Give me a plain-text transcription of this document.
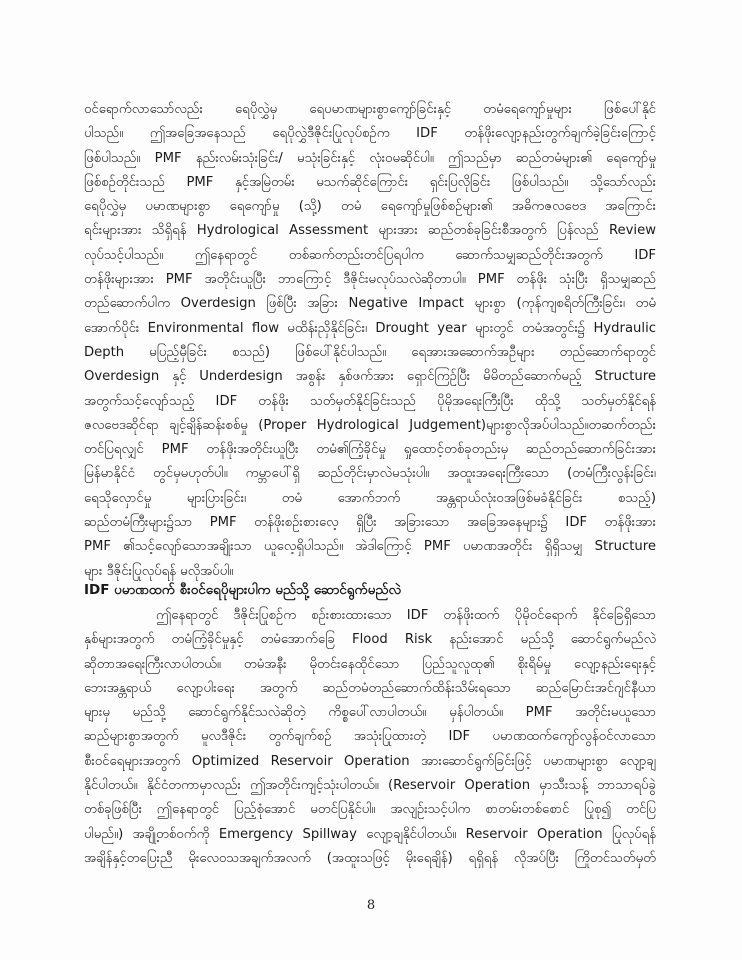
ဝင်ရောက်လာသော်လည်း ရေပိုလွှဲမှ ရေပမာဏများစွာကျော်ခြင်းနှင့် တမံရေကျော်မှုများ ဖြစ်ပေါ်နိုင်
ပါသည်။ ဤအခြေအနေသည် ရေပိုလွှဲဒီဇိုင်းပြုလုပ်စဉ်က IDF တန်ဖိုးလျော့နည်းတွက်ချက်ခဲ့ခြင်းကြောင့်
ဖြစ်ပါသည်။ PMF နည်းလမ်းသုံးခြင်း/ မသုံးခြင်းနှင့် လုံးဝမဆိုင်ပါ။ ဤသည်မှာ ဆည်တမံများ၏ ရေကျော်မှု
ဖြစ်စဉ်တိုင်းသည် PMF နှင့်အမြဲတမ်း မသက်ဆိုင်ကြောင်း ရှင်းပြလိုခြင်း ဖြစ်ပါသည်။ သို့သော်လည်း
ရေပိုလွှဲမှ ပမာဏများစွာ ရေကျော်မှု (သို့) တမံ ရေကျော်မှုဖြစ်စဉ်များ၏ အဓိကဇလဗေဒ အကြောင်း
ရင်းများအား သိရှိရန် Hydrological Assessment များအား ဆည်တစ်ခုခြင်းစီအတွက် ပြန်လည် Review
လုပ်သင့်ပါသည်။ ဤနေရာတွင် တစ်ဆက်တည်းတင်ပြရပါက ဆောက်သမျှဆည်တိုင်းအတွက် IDF
တန်ဖိုးများအား PMF အတိုင်းယူပြီး ဘာကြောင့် ဒီဇိုင်းမလုပ်သလဲဆိုတာပါ။ PMF တန်ဖိုး သုံးပြီး ရှိသမျှဆည်
တည်ဆောက်ပါက Overdesign ဖြစ်ပြီး အခြား Negative Impact များစွာ (ကုန်ကျစရိတ်ကြီးခြင်း၊ တမံ
အောက်ပိုင်း Environmental flow မထိန်းညှိနိုင်ခြင်း၊ Drought year များတွင် တမံအတွင်း၌ Hydraulic
Depth မပြည့်မှီခြင်း စသည်) ဖြစ်ပေါ်နိုင်ပါသည်။ ရေအားအဆောက်အဦများ တည်ဆောက်ရာတွင်
Overdesign နှင့် Underdesign အစွန်း နှစ်ဖက်အား ရှောင်ကြဉ်ပြီး မိမိတည်ဆောက်မည့် Structure
အတွက်သင့်လျော်သည့် IDF တန်ဖိုး သတ်မှတ်နိုင်ခြင်းသည် ပိုမိုအရေးကြီးပြီး ထိုသို့ သတ်မှတ်နိုင်ရန်
ဇလဗေဒဆိုင်ရာ ချင့်ချိန်ဆန်းစစ်မှု (Proper Hydrological Judgement)များစွာလိုအပ်ပါသည်။တဆက်တည်း
တင်ပြရလျှင် PMF တန်ဖိုးအတိုင်းယူပြီး တမံ၏ကြံ့ခိုင်မှု ရှုထောင့်တစ်ခုတည်းမှ ဆည်တည်ဆောက်ခြင်းအား
မြန်မာနိုင်ငံ တွင်မှမဟုတ်ပါ။ ကမ္ဘာပေါ်ရှိ ဆည်တိုင်းမှာလဲမသုံးပါ။ အထူးအရေးကြီးသော (တမံကြီးလွန်းခြင်း၊
ရေသိုလှောင်မှု များပြားခြင်း၊ တမံ အောက်ဘက် အန္တရာယ်လုံးဝအဖြစ်မခံနိုင်ခြင်း စသည့်)
ဆည်တမံကြီးများ၌သာ PMF တန်ဖိုးစဉ်းစားလေ့ ရှိပြီး အခြားသော အခြေအနေများ၌ IDF တန်ဖိုးအား
PMF ၏သင့်လျော်သောအချိုးသာ ယူလေ့ရှိပါသည်။ အဲဒါကြောင့် PMF ပမာဏအတိုင်း ရှိရှိသမျှ Structure
များ ဒီဇိုင်းပြုလုပ်ရန် မလိုအပ်ပါ။
IDF ပမာဏထက် စီးဝင်ရေပိုများပါက မည်သို့ ဆောင်ရွက်မည်လဲ
ဤနေရာတွင် ဒီဇိုင်းပြုစဉ်က စဉ်းစားထားသော IDF တန်ဖိုးထက် ပိုမိုဝင်ရောက် နိုင်ခြေရှိသော
နှစ်များအတွက် တမံကြံ့ခိုင်မှုနှင့် တမံအောက်ခြေ Flood Risk နည်းအောင် မည်သို့ ဆောင်ရွက်မည်လဲ
ဆိုတာအရေးကြီးလာပါတယ်။ တမံအနီး မိုတင်းနေထိုင်သော ပြည်သူလူထု၏ စိုးရိမ်မှု လျော့နည်းရေးနှင့်
ဘေးအန္တရာယ် လျော့ပါးရေး အတွက် ဆည်တမံတည်ဆောက်ထိန်းသိမ်းရသော ဆည်မြောင်းအင်ဂျင်နီယာ
များမှ မည်သို့ ဆောင်ရွက်နိုင်သလဲဆိုတဲ့ ကိစ္စပေါ်လာပါတယ်။ မှန်ပါတယ်။ PMF အတိုင်းမယူသော
ဆည်များစွာအတွက် မူလဒီဇိုင်း တွက်ချက်စဉ် အသုံးပြုထားတဲ့ IDF ပမာဏထက်ကျော်လွန်ဝင်လာသော
စီးဝင်ရေများအတွက် Optimized Reservoir Operation အားဆောင်ရွက်ခြင်းဖြင့် ပမာဏများစွာ လျော့ချ
နိုင်ပါတယ်။ နိုင်ငံတကာမှာလည်း ဤအတိုင်းကျင့်သုံးပါတယ်။ (Reservoir Operation မှာသီးသန့် ဘာသာရပ်ခွဲ
တစ်ခုဖြစ်ပြီး ဤနေရာတွင် ပြည့်စုံအောင် မတင်ပြနိုင်ပါ။ အလျဉ်းသင့်ပါက စာတမ်းတစ်စောင် ပြုစု၍ တင်ပြ
ပါမည်။) အချို့တစ်ဝက်ကို Emergency Spillway လျော့ချနိုင်ပါတယ်။ Reservoir Operation ပြုလုပ်ရန်
အချိန်နှင့်တပြေးညီ မိုးလေဝသအချက်အလက် (အထူးသဖြင့် မိုးရေချိန်) ရရှိရန် လိုအပ်ပြီး ကြိုတင်သတ်မှတ်
8
